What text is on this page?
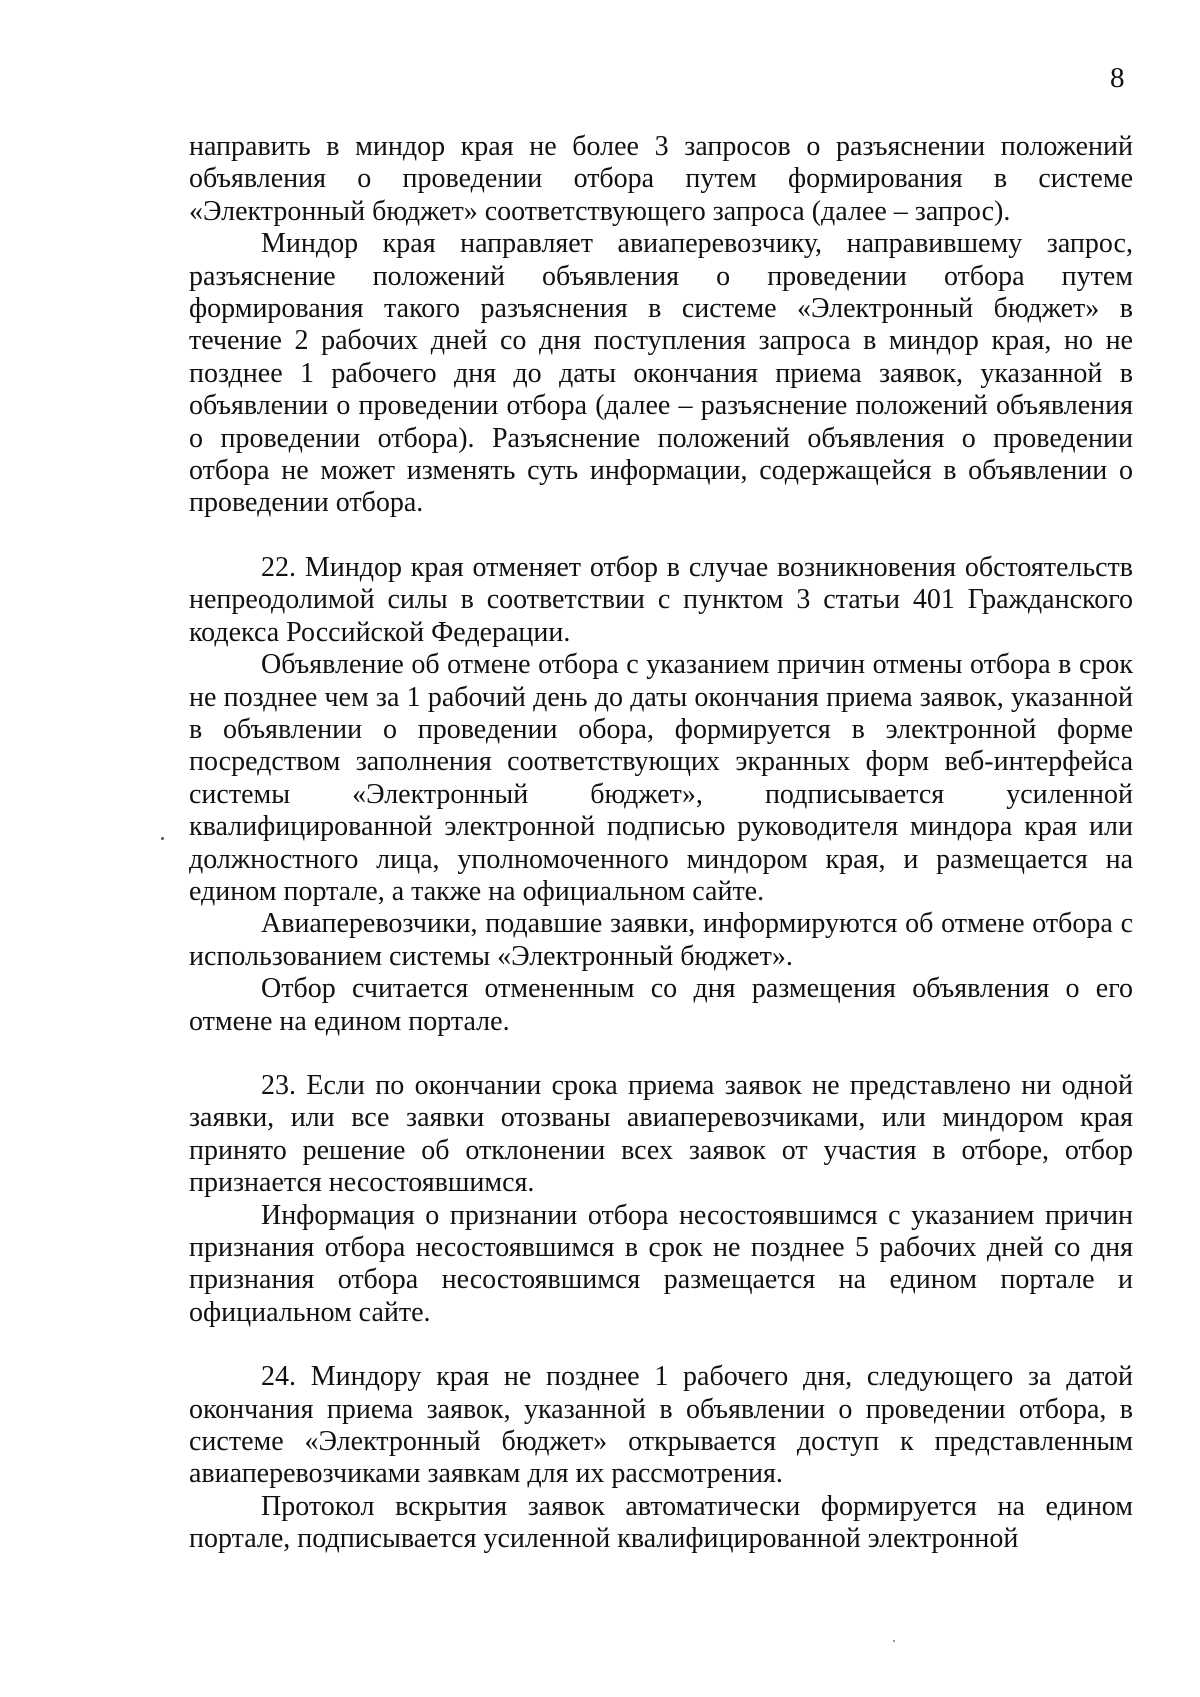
8

направить в миндор края не более 3 запросов о разъяснении положений объявления о проведении отбора путем формирования в системе «Электронный бюджет» соответствующего запроса (далее – запрос).

Миндор края направляет авиаперевозчику, направившему запрос, разъяснение положений объявления о проведении отбора путем формирования такого разъяснения в системе «Электронный бюджет» в течение 2 рабочих дней со дня поступления запроса в миндор края, но не позднее 1 рабочего дня до даты окончания приема заявок, указанной в объявлении о проведении отбора (далее – разъяснение положений объявления о проведении отбора). Разъяснение положений объявления о проведении отбора не может изменять суть информации, содержащейся в объявлении о проведении отбора.

22. Миндор края отменяет отбор в случае возникновения обстоятельств непреодолимой силы в соответствии с пунктом 3 статьи 401 Гражданского кодекса Российской Федерации.

Объявление об отмене отбора с указанием причин отмены отбора в срок не позднее чем за 1 рабочий день до даты окончания приема заявок, указанной в объявлении о проведении обора, формируется в электронной форме посредством заполнения соответствующих экранных форм веб-интерфейса системы «Электронный бюджет», подписывается усиленной квалифицированной электронной подписью руководителя миндора края или должностного лица, уполномоченного миндором края, и размещается на едином портале, а также на официальном сайте.

Авиаперевозчики, подавшие заявки, информируются об отмене отбора с использованием системы «Электронный бюджет».

Отбор считается отмененным со дня размещения объявления о его отмене на едином портале.

23. Если по окончании срока приема заявок не представлено ни одной заявки, или все заявки отозваны авиаперевозчиками, или миндором края принято решение об отклонении всех заявок от участия в отборе, отбор признается несостоявшимся.

Информация о признании отбора несостоявшимся с указанием причин признания отбора несостоявшимся в срок не позднее 5 рабочих дней со дня признания отбора несостоявшимся размещается на едином портале и официальном сайте.

24. Миндору края не позднее 1 рабочего дня, следующего за датой окончания приема заявок, указанной в объявлении о проведении отбора, в системе «Электронный бюджет» открывается доступ к представленным авиаперевозчиками заявкам для их рассмотрения.

Протокол вскрытия заявок автоматически формируется на едином портале, подписывается усиленной квалифицированной электронной
